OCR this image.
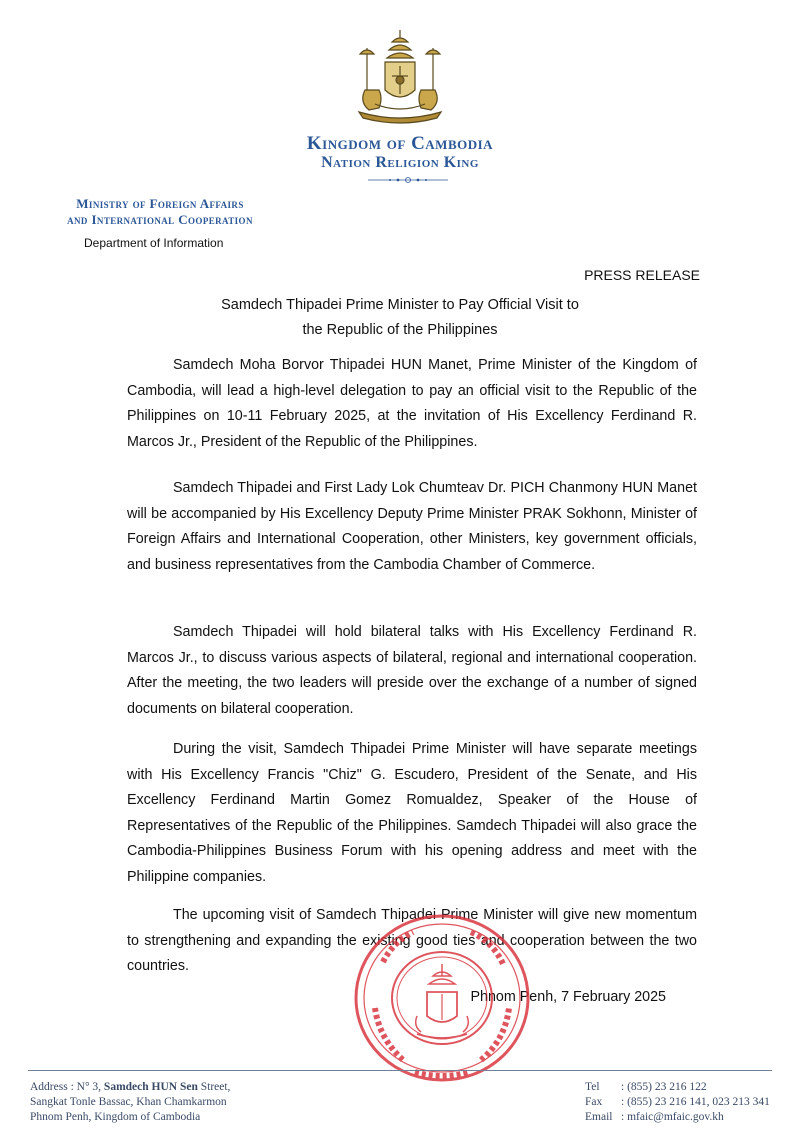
Kingdom of Cambodia
Nation Religion King
Ministry of Foreign Affairs
and International Cooperation
Department of Information
PRESS RELEASE
Samdech Thipadei Prime Minister to Pay Official Visit to
the Republic of the Philippines

Samdech Moha Borvor Thipadei HUN Manet, Prime Minister of the Kingdom of Cambodia, will lead a high-level delegation to pay an official visit to the Republic of the Philippines on 10-11 February 2025, at the invitation of His Excellency Ferdinand R. Marcos Jr., President of the Republic of the Philippines.

Samdech Thipadei and First Lady Lok Chumteav Dr. PICH Chanmony HUN Manet will be accompanied by His Excellency Deputy Prime Minister PRAK Sokhonn, Minister of Foreign Affairs and International Cooperation, other Ministers, key government officials, and business representatives from the Cambodia Chamber of Commerce.

Samdech Thipadei will hold bilateral talks with His Excellency Ferdinand R. Marcos Jr., to discuss various aspects of bilateral, regional and international cooperation. After the meeting, the two leaders will preside over the exchange of a number of signed documents on bilateral cooperation.

During the visit, Samdech Thipadei Prime Minister will have separate meetings with His Excellency Francis "Chiz" G. Escudero, President of the Senate, and His Excellency Ferdinand Martin Gomez Romualdez, Speaker of the House of Representatives of the Republic of the Philippines. Samdech Thipadei will also grace the Cambodia-Philippines Business Forum with his opening address and meet with the Philippine companies.

The upcoming visit of Samdech Thipadei Prime Minister will give new momentum to strengthening and expanding the existing good ties and cooperation between the two countries.

Phnom Penh, 7 February 2025
Address : N° 3, Samdech HUN Sen Street,
Sangkat Tonle Bassac, Khan Chamkarmon
Phnom Penh, Kingdom of Cambodia
Tel : (855) 23 216 122
Fax : (855) 23 216 141, 023 213 341
Email : mfaic@mfaic.gov.kh
